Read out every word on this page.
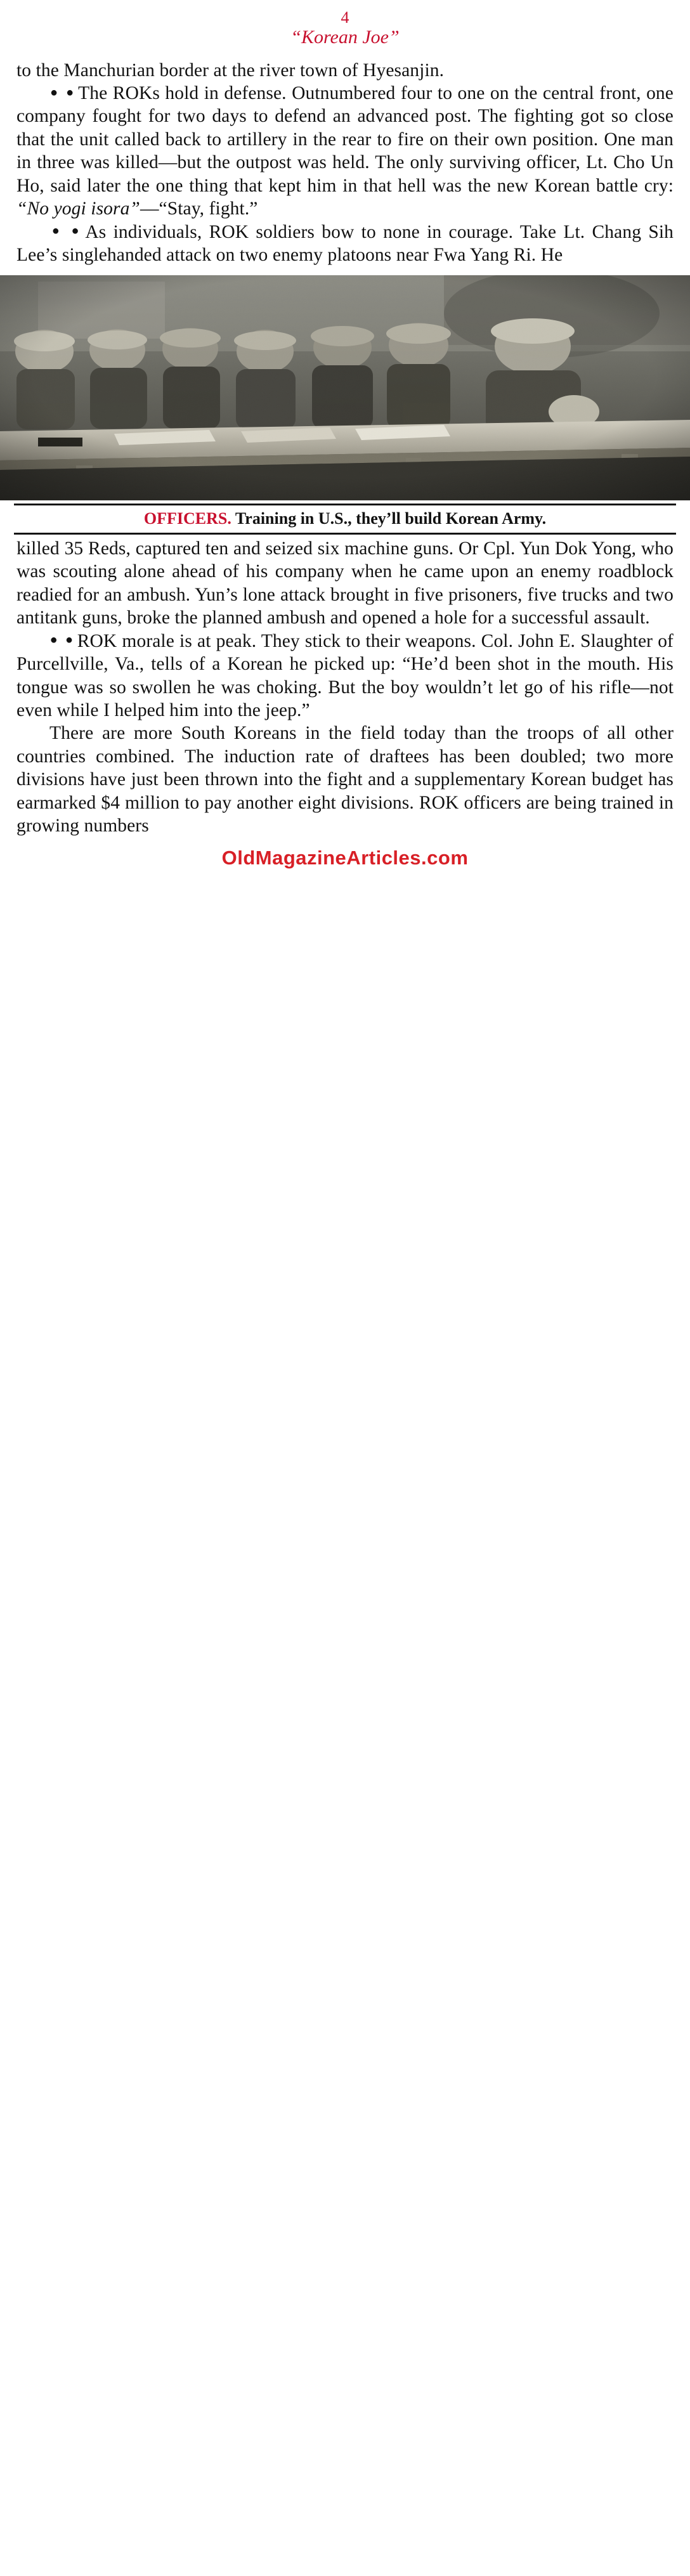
4
“Korean Joe”

to the Manchurian border at the river town of Hyesanjin.

● ● The ROKs hold in defense. Outnumbered four to one on the central front, one company fought for two days to defend an advanced post. The fighting got so close that the unit called back to artillery in the rear to fire on their own position. One man in three was killed—but the outpost was held. The only surviving officer, Lt. Cho Un Ho, said later the one thing that kept him in that hell was the new Korean battle cry: “No yogi isora”—“Stay, fight.”

● ● As individuals, ROK soldiers bow to none in courage. Take Lt. Chang Sih Lee’s singlehanded attack on two enemy platoons near Fwa Yang Ri. He

OFFICERS. Training in U.S., they’ll build Korean Army.

killed 35 Reds, captured ten and seized six machine guns. Or Cpl. Yun Dok Yong, who was scouting alone ahead of his company when he came upon an enemy roadblock readied for an ambush. Yun’s lone attack brought in five prisoners, five trucks and two antitank guns, broke the planned ambush and opened a hole for a successful assault.

● ● ROK morale is at peak. They stick to their weapons. Col. John E. Slaughter of Purcellville, Va., tells of a Korean he picked up: “He’d been shot in the mouth. His tongue was so swollen he was choking. But the boy wouldn’t let go of his rifle—not even while I helped him into the jeep.”

There are more South Koreans in the field today than the troops of all other countries combined. The induction rate of draftees has been doubled; two more divisions have just been thrown into the fight and a supplementary Korean budget has earmarked $4 million to pay another eight divisions. ROK officers are being trained in growing numbers

OldMagazineArticles.com
